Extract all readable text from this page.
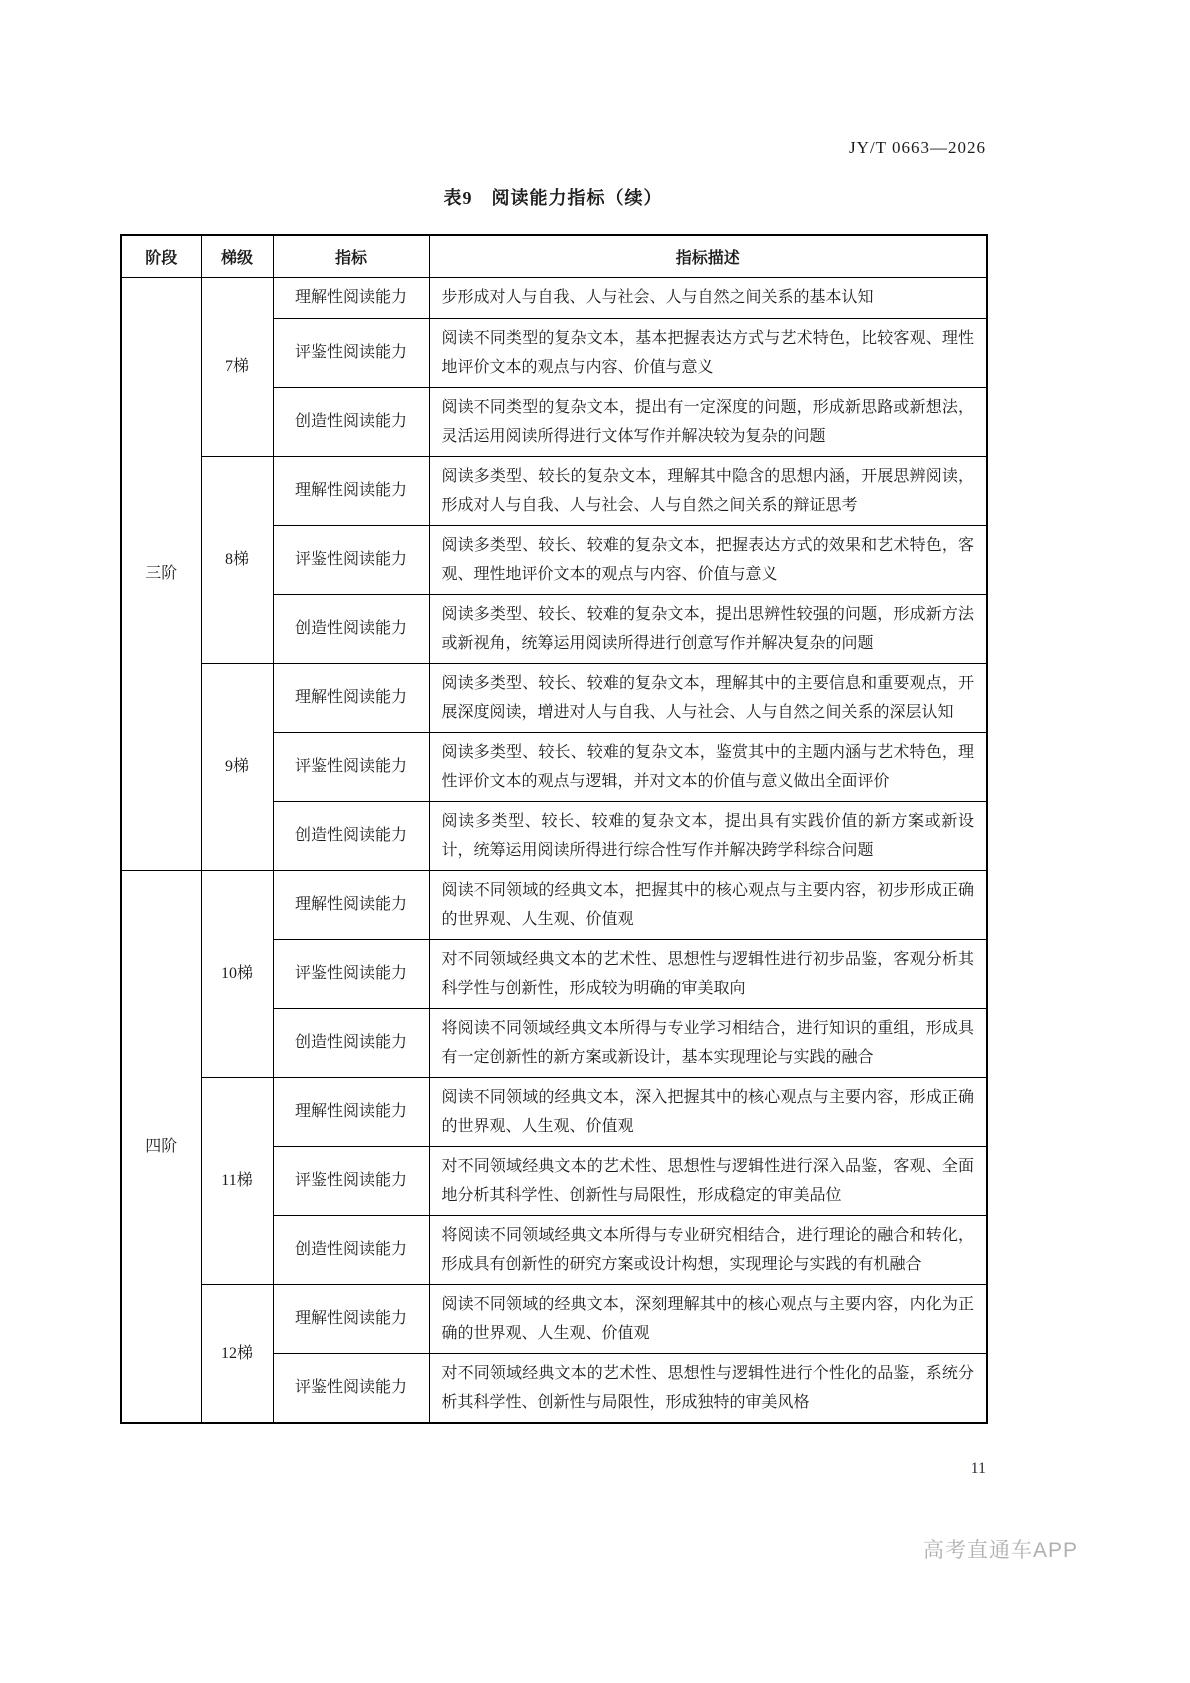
JY/T 0663—2026
表9　阅读能力指标（续）
阶段	梯级	指标	指标描述
三阶	7梯	理解性阅读能力	步形成对人与自我、人与社会、人与自然之间关系的基本认知
		评鉴性阅读能力	阅读不同类型的复杂文本，基本把握表达方式与艺术特色，比较客观、理性地评价文本的观点与内容、价值与意义
		创造性阅读能力	阅读不同类型的复杂文本，提出有一定深度的问题，形成新思路或新想法，灵活运用阅读所得进行文体写作并解决较为复杂的问题
	8梯	理解性阅读能力	阅读多类型、较长的复杂文本，理解其中隐含的思想内涵，开展思辨阅读，形成对人与自我、人与社会、人与自然之间关系的辩证思考
		评鉴性阅读能力	阅读多类型、较长、较难的复杂文本，把握表达方式的效果和艺术特色，客观、理性地评价文本的观点与内容、价值与意义
		创造性阅读能力	阅读多类型、较长、较难的复杂文本，提出思辨性较强的问题，形成新方法或新视角，统筹运用阅读所得进行创意写作并解决复杂的问题
	9梯	理解性阅读能力	阅读多类型、较长、较难的复杂文本，理解其中的主要信息和重要观点，开展深度阅读，增进对人与自我、人与社会、人与自然之间关系的深层认知
		评鉴性阅读能力	阅读多类型、较长、较难的复杂文本，鉴赏其中的主题内涵与艺术特色，理性评价文本的观点与逻辑，并对文本的价值与意义做出全面评价
		创造性阅读能力	阅读多类型、较长、较难的复杂文本，提出具有实践价值的新方案或新设计，统筹运用阅读所得进行综合性写作并解决跨学科综合问题
四阶	10梯	理解性阅读能力	阅读不同领域的经典文本，把握其中的核心观点与主要内容，初步形成正确的世界观、人生观、价值观
		评鉴性阅读能力	对不同领域经典文本的艺术性、思想性与逻辑性进行初步品鉴，客观分析其科学性与创新性，形成较为明确的审美取向
		创造性阅读能力	将阅读不同领域经典文本所得与专业学习相结合，进行知识的重组，形成具有一定创新性的新方案或新设计，基本实现理论与实践的融合
	11梯	理解性阅读能力	阅读不同领域的经典文本，深入把握其中的核心观点与主要内容，形成正确的世界观、人生观、价值观
		评鉴性阅读能力	对不同领域经典文本的艺术性、思想性与逻辑性进行深入品鉴，客观、全面地分析其科学性、创新性与局限性，形成稳定的审美品位
		创造性阅读能力	将阅读不同领域经典文本所得与专业研究相结合，进行理论的融合和转化，形成具有创新性的研究方案或设计构想，实现理论与实践的有机融合
	12梯	理解性阅读能力	阅读不同领域的经典文本，深刻理解其中的核心观点与主要内容，内化为正确的世界观、人生观、价值观
		评鉴性阅读能力	对不同领域经典文本的艺术性、思想性与逻辑性进行个性化的品鉴，系统分析其科学性、创新性与局限性，形成独特的审美风格
11
高考直通车APP
